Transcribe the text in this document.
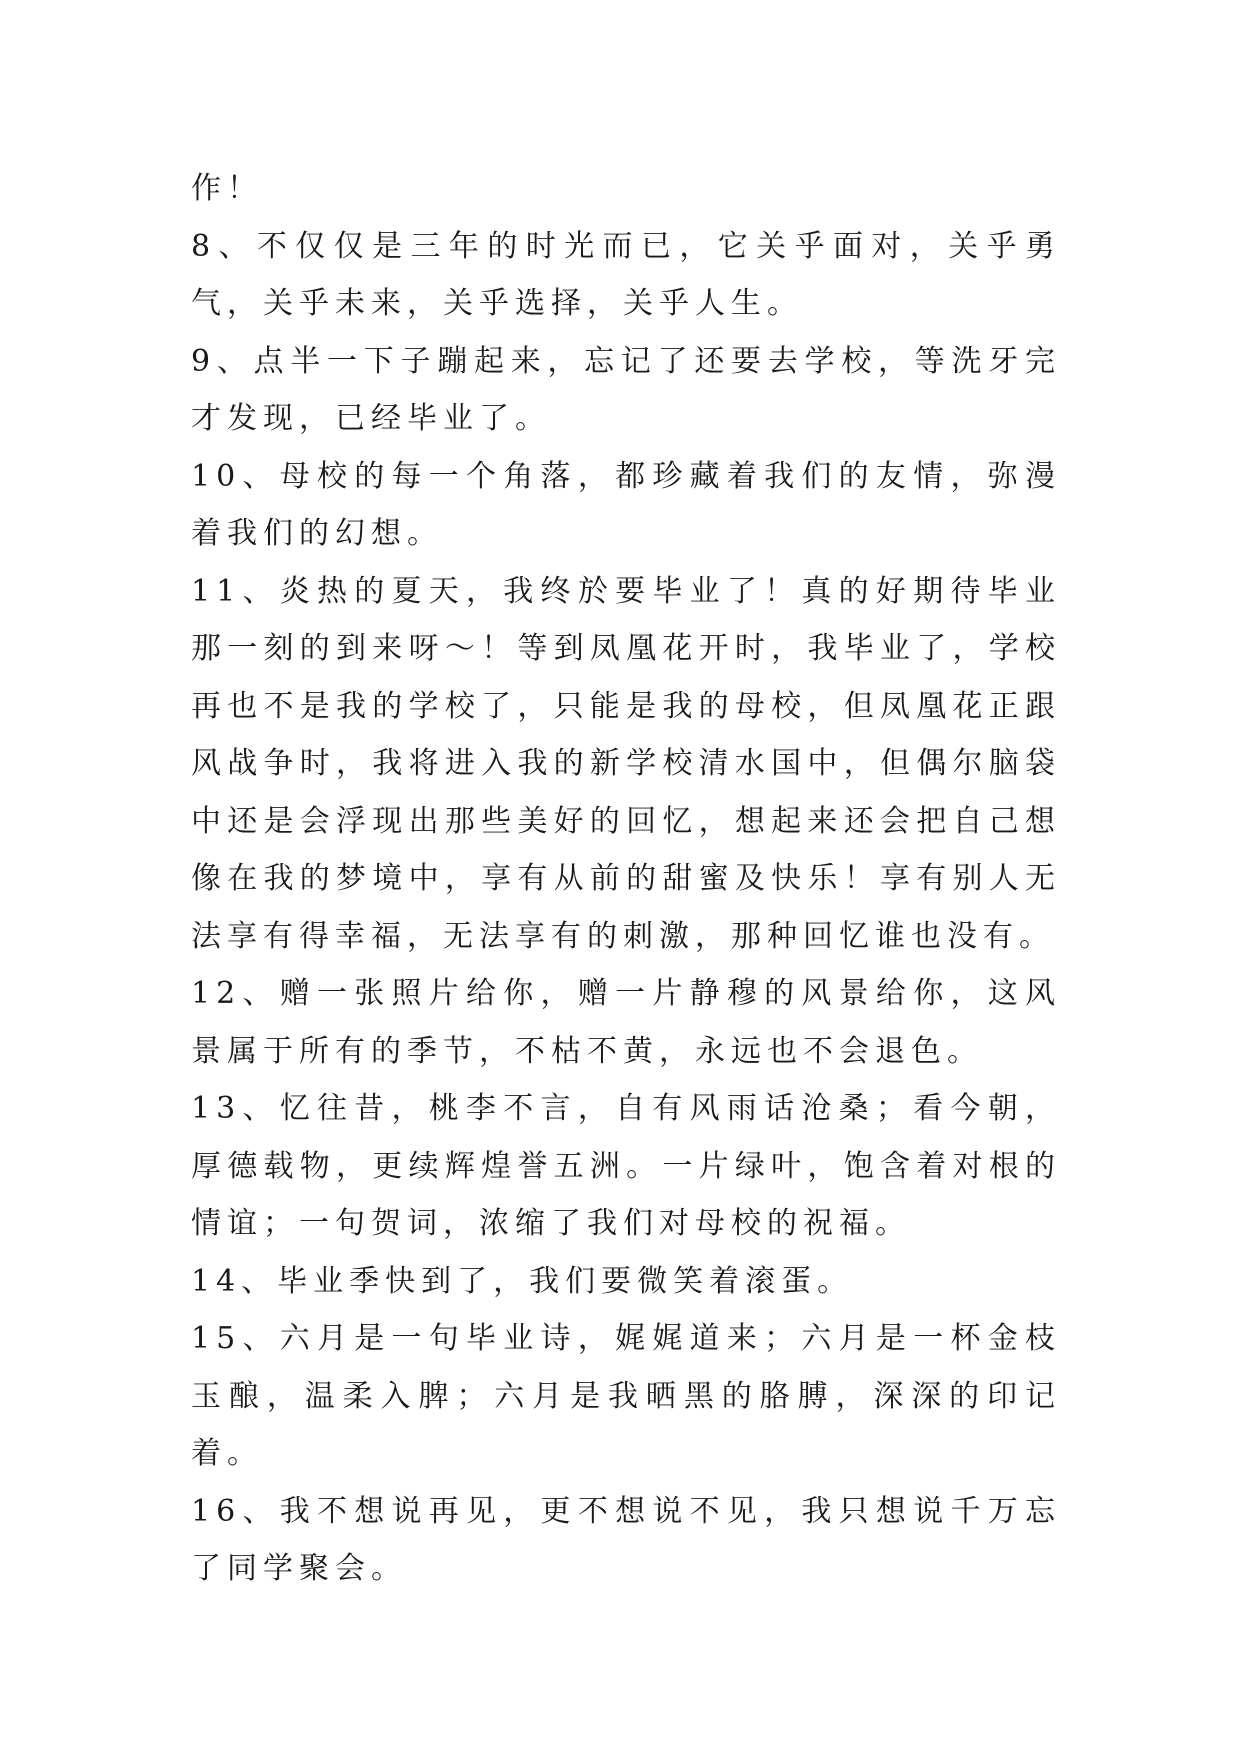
作！

8、不仅仅是三年的时光而已，它关乎面对，关乎勇气，关乎未来，关乎选择，关乎人生。

9、点半一下子蹦起来，忘记了还要去学校，等洗牙完才发现，已经毕业了。

10、母校的每一个角落，都珍藏着我们的友情，弥漫着我们的幻想。

11、炎热的夏天，我终於要毕业了！真的好期待毕业那一刻的到来呀～！等到凤凰花开时，我毕业了，学校再也不是我的学校了，只能是我的母校，但凤凰花正跟风战争时，我将进入我的新学校清水国中，但偶尔脑袋中还是会浮现出那些美好的回忆，想起来还会把自己想像在我的梦境中，享有从前的甜蜜及快乐！享有别人无法享有得幸福，无法享有的刺激，那种回忆谁也没有。

12、赠一张照片给你，赠一片静穆的风景给你，这风景属于所有的季节，不枯不黄，永远也不会退色。

13、忆往昔，桃李不言，自有风雨话沧桑；看今朝，厚德载物，更续辉煌誉五洲。一片绿叶，饱含着对根的情谊；一句贺词，浓缩了我们对母校的祝福。

14、毕业季快到了，我们要微笑着滚蛋。

15、六月是一句毕业诗，娓娓道来；六月是一杯金枝玉酿，温柔入脾；六月是我晒黑的胳膊，深深的印记着。

16、我不想说再见，更不想说不见，我只想说千万忘了同学聚会。
